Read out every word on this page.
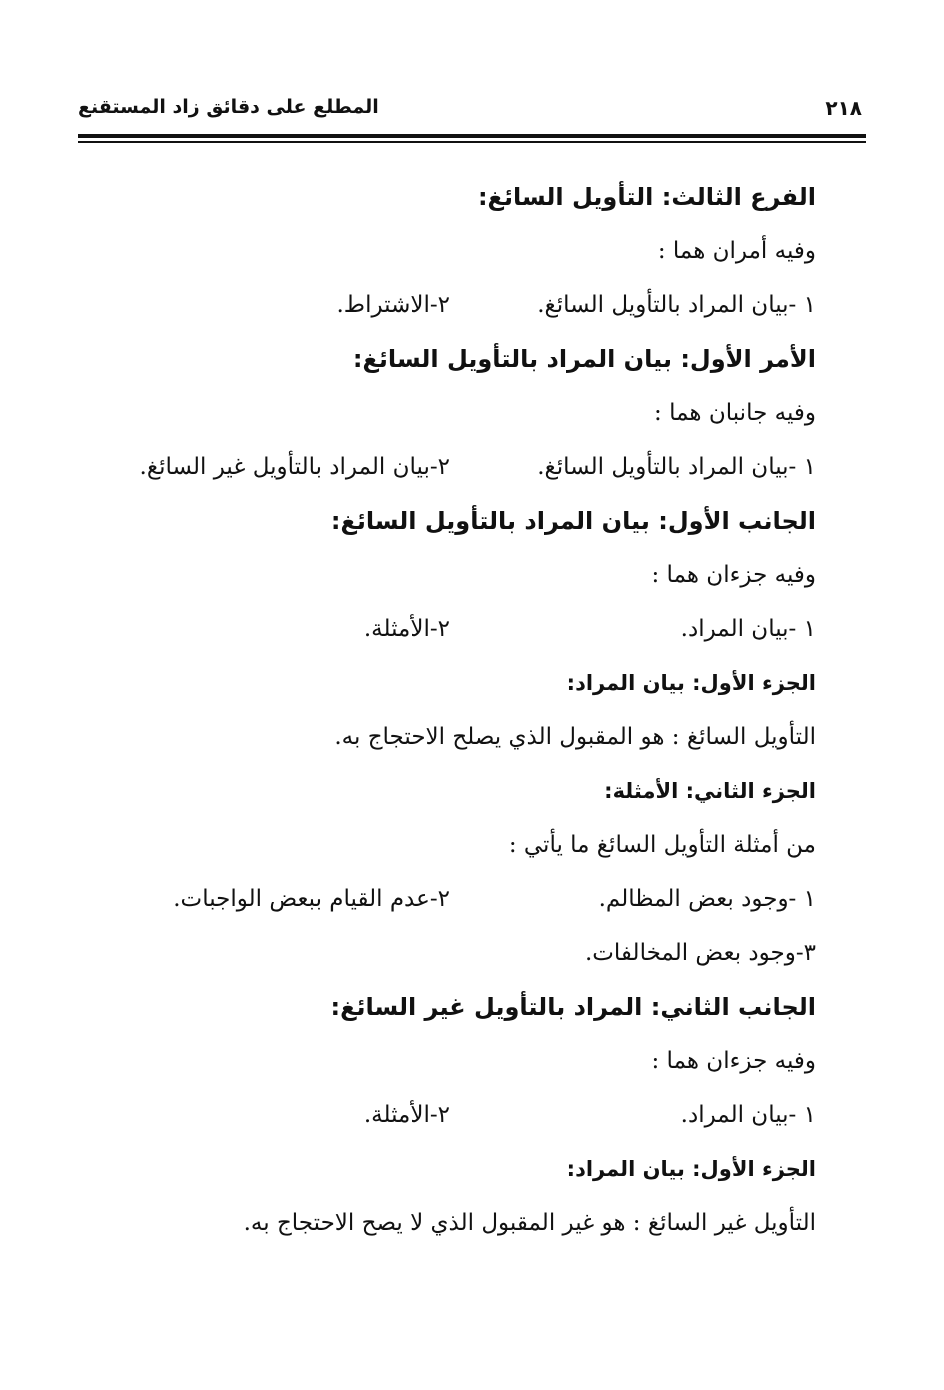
٢١٨
المطلع على دقائق زاد المستقنع
الفرع الثالث: التأويل السائغ:
وفيه أمران هما :
١ -بيان المراد بالتأويل السائغ.
٢-الاشتراط.
الأمر الأول: بيان المراد بالتأويل السائغ:
وفيه جانبان هما :
١ -بيان المراد بالتأويل السائغ.
٢-بيان المراد بالتأويل غير السائغ.
الجانب الأول: بيان المراد بالتأويل السائغ:
وفيه جزءان هما :
١ -بيان المراد.
٢-الأمثلة.
الجزء الأول: بيان المراد:
التأويل السائغ : هو المقبول الذي يصلح الاحتجاج به.
الجزء الثاني: الأمثلة:
من أمثلة التأويل السائغ ما يأتي :
١ -وجود بعض المظالم.
٢-عدم القيام ببعض الواجبات.
٣-وجود بعض المخالفات.
الجانب الثاني: المراد بالتأويل غير السائغ:
وفيه جزءان هما :
١ -بيان المراد.
٢-الأمثلة.
الجزء الأول: بيان المراد:
التأويل غير السائغ : هو غير المقبول الذي لا يصح الاحتجاج به.
